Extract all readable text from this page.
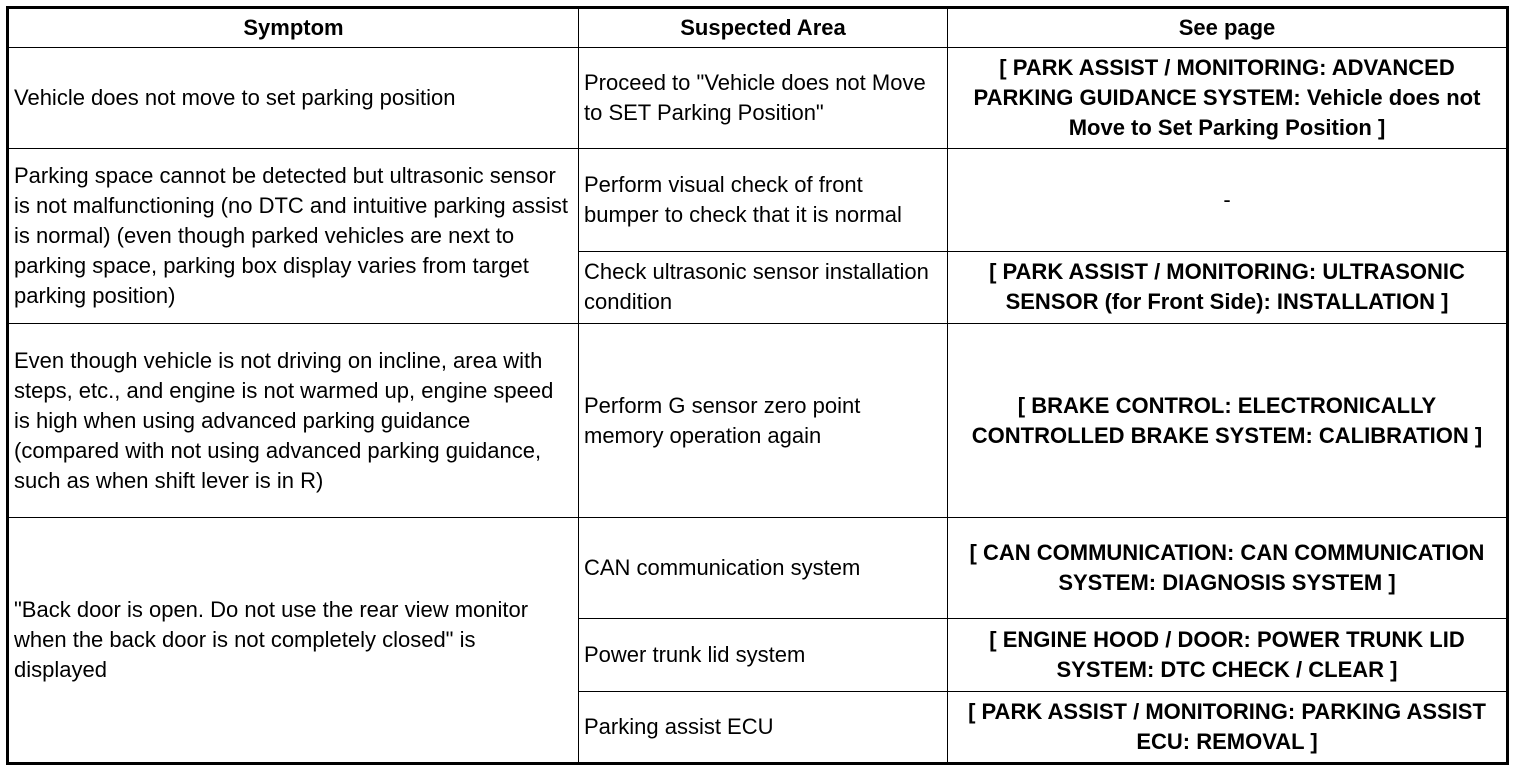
Symptom	Suspected Area	See page
Vehicle does not move to set parking position	Proceed to "Vehicle does not Move to SET Parking Position"	[ PARK ASSIST / MONITORING: ADVANCED PARKING GUIDANCE SYSTEM: Vehicle does not Move to Set Parking Position ]
Parking space cannot be detected but ultrasonic sensor is not malfunctioning (no DTC and intuitive parking assist is normal) (even though parked vehicles are next to parking space, parking box display varies from target parking position)	Perform visual check of front bumper to check that it is normal	-
	Check ultrasonic sensor installation condition	[ PARK ASSIST / MONITORING: ULTRASONIC SENSOR (for Front Side): INSTALLATION ]
Even though vehicle is not driving on incline, area with steps, etc., and engine is not warmed up, engine speed is high when using advanced parking guidance (compared with not using advanced parking guidance, such as when shift lever is in R)	Perform G sensor zero point memory operation again	[ BRAKE CONTROL: ELECTRONICALLY CONTROLLED BRAKE SYSTEM: CALIBRATION ]
"Back door is open. Do not use the rear view monitor when the back door is not completely closed" is displayed	CAN communication system	[ CAN COMMUNICATION: CAN COMMUNICATION SYSTEM: DIAGNOSIS SYSTEM ]
	Power trunk lid system	[ ENGINE HOOD / DOOR: POWER TRUNK LID SYSTEM: DTC CHECK / CLEAR ]
	Parking assist ECU	[ PARK ASSIST / MONITORING: PARKING ASSIST ECU: REMOVAL ]
